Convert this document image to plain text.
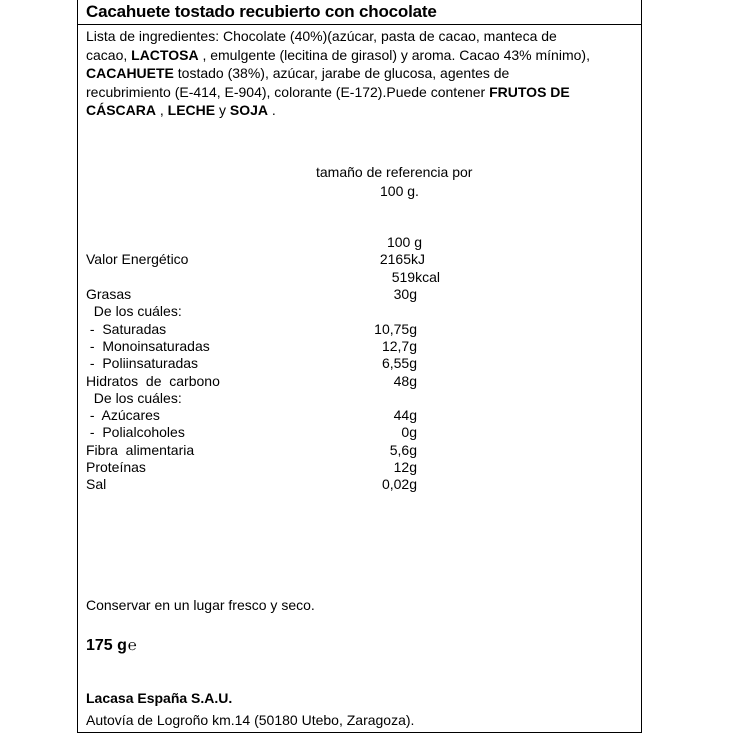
Cacahuete tostado recubierto con chocolate
Lista de ingredientes: Chocolate (40%)(azúcar, pasta de cacao, manteca de
cacao, LACTOSA , emulgente (lecitina de girasol) y aroma. Cacao 43% mínimo),
CACAHUETE tostado (38%), azúcar, jarabe de glucosa, agentes de
recubrimiento (E-414, E-904), colorante (E-172).Puede contener FRUTOS DE
CÁSCARA , LECHE y SOJA .
tamaño de referencia por
100 g.
100 g
Valor Energético	2165kJ
519kcal
Grasas	30g
De los cuáles:
-  Saturadas	10,75g
-  Monoinsaturadas	12,7g
-  Poliinsaturadas	6,55g
Hidratos  de  carbono	48g
De los cuáles:
-  Azúcares	44g
-  Polialcoholes	0g
Fibra  alimentaria	5,6g
Proteínas	12g
Sal	0,02g
Conservar en un lugar fresco y seco.
175 g℮
Lacasa España S.A.U.
Autovía de Logroño km.14 (50180 Utebo, Zaragoza).
